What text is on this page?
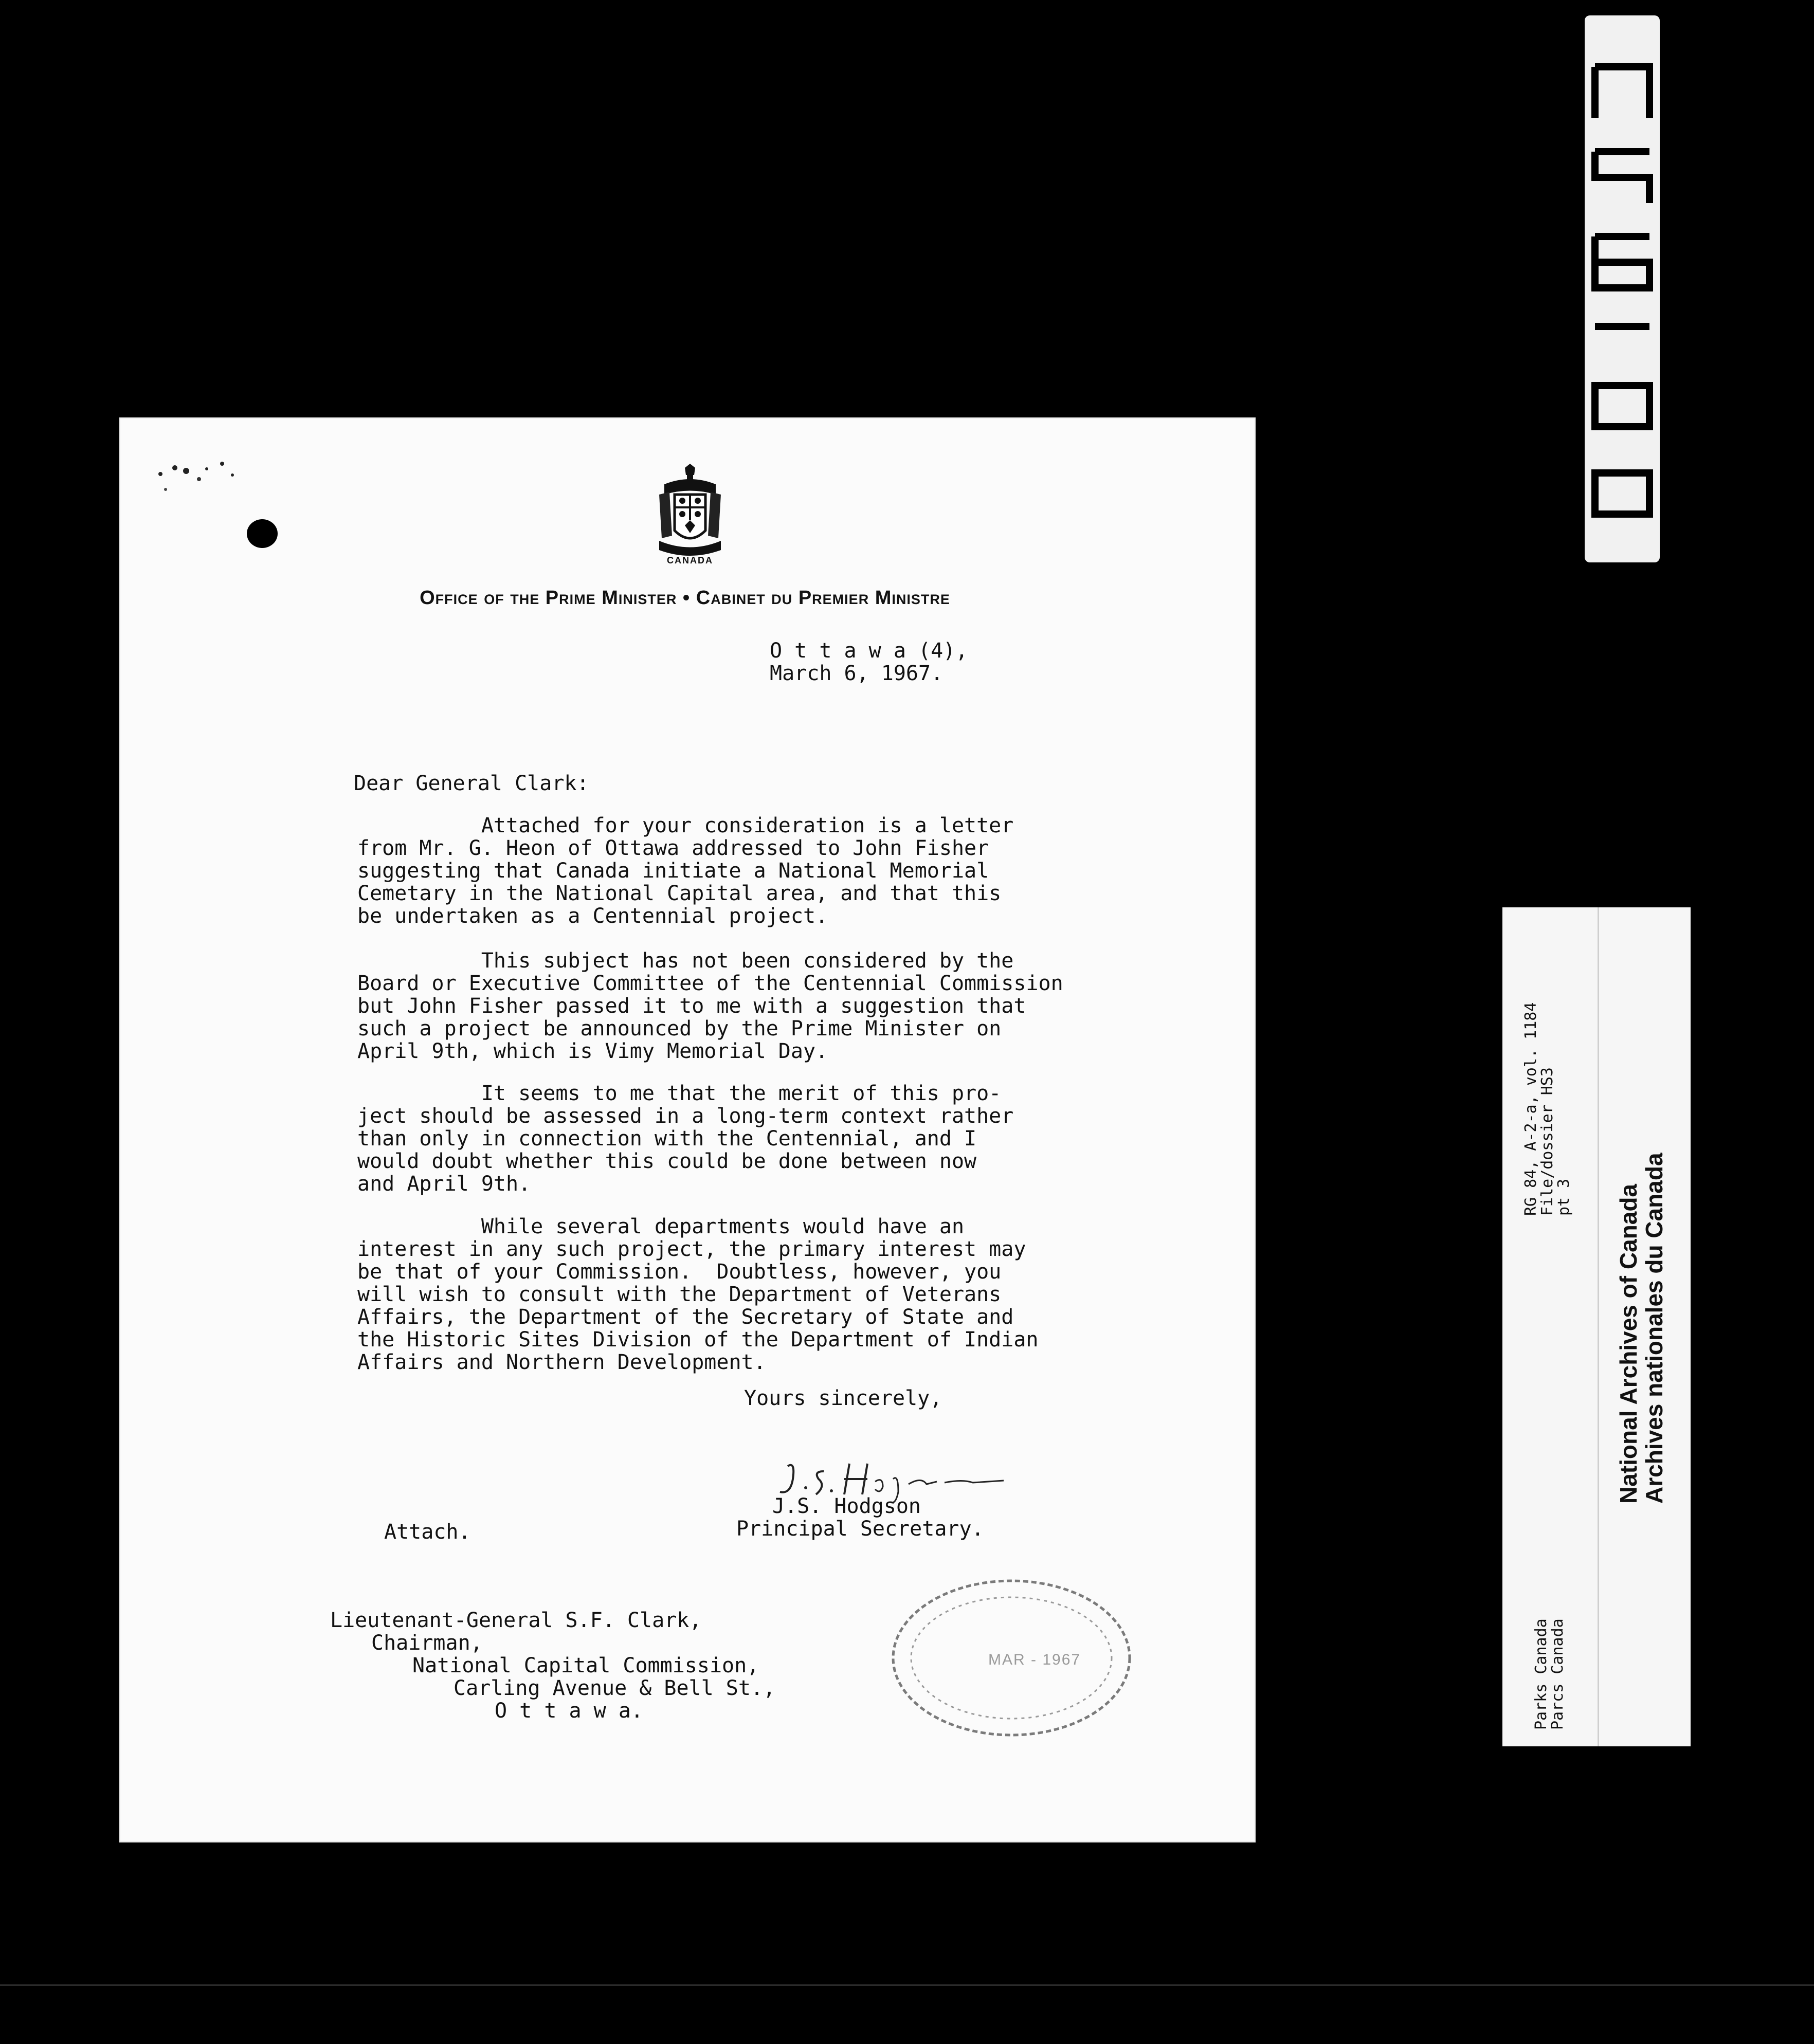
CANADA
Office of the Prime Minister • Cabinet du Premier Ministre
O t t a w a (4),
March 6, 1967.
Dear General Clark:
Attached for your consideration is a letter
from Mr. G. Heon of Ottawa addressed to John Fisher
suggesting that Canada initiate a National Memorial
Cemetary in the National Capital area, and that this
be undertaken as a Centennial project.
This subject has not been considered by the
Board or Executive Committee of the Centennial Commission
but John Fisher passed it to me with a suggestion that
such a project be announced by the Prime Minister on
April 9th, which is Vimy Memorial Day.
It seems to me that the merit of this pro-
ject should be assessed in a long-term context rather
than only in connection with the Centennial, and I
would doubt whether this could be done between now
and April 9th.
While several departments would have an
interest in any such project, the primary interest may
be that of your Commission.  Doubtless, however, you
will wish to consult with the Department of Veterans
Affairs, the Department of the Secretary of State and
the Historic Sites Division of the Department of Indian
Affairs and Northern Development.
Yours sincerely,
J.S. Hodgson
Principal Secretary.
Attach.
Lieutenant-General S.F. Clark,
Chairman,
National Capital Commission,
Carling Avenue & Bell St.,
O t t a w a.
MAR - 1967
RG 84, A-2-a, vol. 1184
File/dossier HS3
pt 3
Parks Canada
Parcs Canada
National Archives of Canada
Archives nationales du Canada
